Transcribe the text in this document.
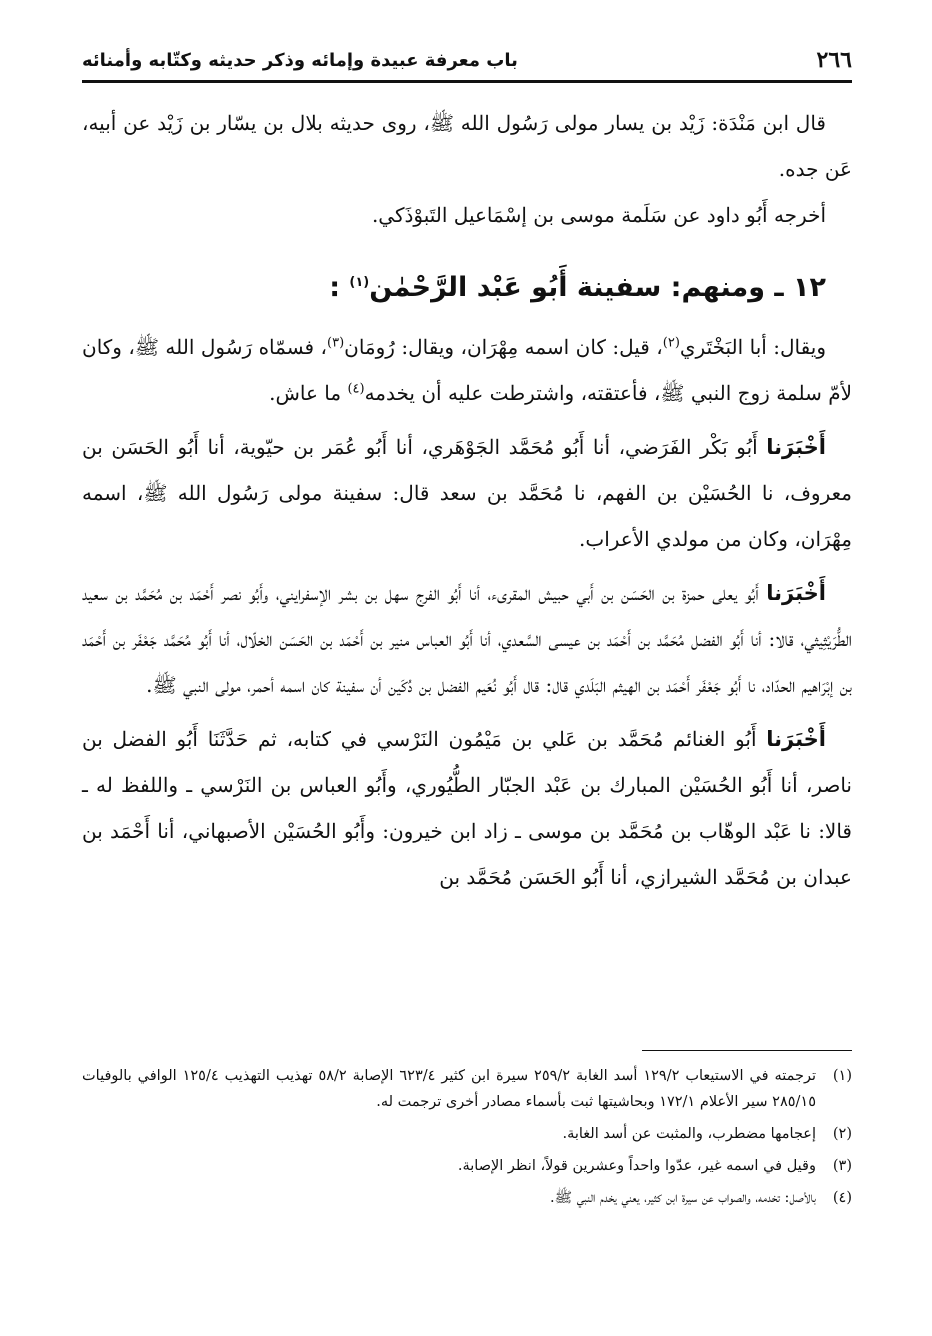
٢٦٦
باب معرفة عبيدة وإمائه وذكر حديثه وكتّابه وأمنائه

قال ابن مَنْدَة: زَيْد بن يسار مولى رَسُول الله ﷺ، روى حديثه بلال بن يسّار بن زَيْد عن أبيه، عَن جده.

أخرجه أَبُو داود عن سَلَمة موسى بن إسْمَاعيل التَبوْذَكي.

١٢ ـ ومنهم: سفينة أَبُو عَبْد الرَّحْمٰن$^{(١)}$ :

ويقال: أبا البَخْتَري$^{(٢)}$، قيل: كان اسمه مِهْرَان، ويقال: رُومَان$^{(٣)}$، فسمّاه رَسُول الله ﷺ، وكان لأمّ سلمة زوج النبي ﷺ، فأعتقته، واشترطت عليه أن يخدمه$^{(٤)}$ ما عاش.

أَخْبَرَنا أَبُو بَكْر الفَرَضي، أنا أَبُو مُحَمَّد الجَوْهَري، أنا أَبُو عُمَر بن حيّوية، أنا أَبُو الحَسَن بن معروف، نا الحُسَيْن بن الفهم، نا مُحَمَّد بن سعد قال: سفينة مولى رَسُول الله ﷺ، اسمه مِهْرَان، وكان من مولدي الأعراب.

أَخْبَرَنا أَبُو يعلى حمزة بن الحَسَن بن أَبي حبيش المقرىء، أنا أَبُو الفرج سهل بن بشر الإسفرايني، وأَبُو نصر أَحْمَد بن مُحَمَّد بن سعيد الطُّرَيْثِيثي، قالا: أنا أَبُو الفضل مُحَمَّد بن أَحْمَد بن عيسى السَّعدي، أنا أَبُو العباس منير بن أَحْمَد بن الحَسَن الخلّال، أنا أَبُو مُحَمَّد جَعْفَر بن أَحْمَد بن إبْرَاهيم الحدّاد، نا أَبُو جَعْفَر أَحْمَد بن الهيثم البَلَدي قال: قال أَبُو نُعَيم الفضل بن دُكَين أن سفينة كان اسمه أحمر، مولى النبي ﷺ.

أَخْبَرَنا أَبُو الغنائم مُحَمَّد بن عَلي بن مَيْمُون النَرْسي في كتابه، ثم حَدَّثَنَا أَبُو الفضل بن ناصر، أنا أَبُو الحُسَيْن المبارك بن عَبْد الجبّار الطُّيُوري، وأَبُو العباس بن النَرْسي ـ واللفظ له ـ قالا: نا عَبْد الوهّاب بن مُحَمَّد بن موسى ـ زاد ابن خيرون: وأَبُو الحُسَيْن الأصبهاني، أنا أَحْمَد بن عبدان بن مُحَمَّد الشيرازي، أنا أَبُو الحَسَن مُحَمَّد بن

(١)
ترجمته في الاستيعاب ١٢٩/٢ أسد الغابة ٢٥٩/٢ سيرة ابن كثير ٦٢٣/٤ الإصابة ٥٨/٢ تهذيب التهذيب ١٢٥/٤ الوافي بالوفيات ٢٨٥/١٥ سير الأعلام ١٧٢/١ وبحاشيتها ثبت بأسماء مصادر أخرى ترجمت له.
(٢)
إعجامها مضطرب، والمثبت عن أسد الغابة.
(٣)
وقيل في اسمه غير، عدّوا واحداً وعشرين قولاً، انظر الإصابة.
(٤)
بالأصل: تخدمه، والصواب عن سيرة ابن كثير، يعني يخدم النبي ﷺ.
